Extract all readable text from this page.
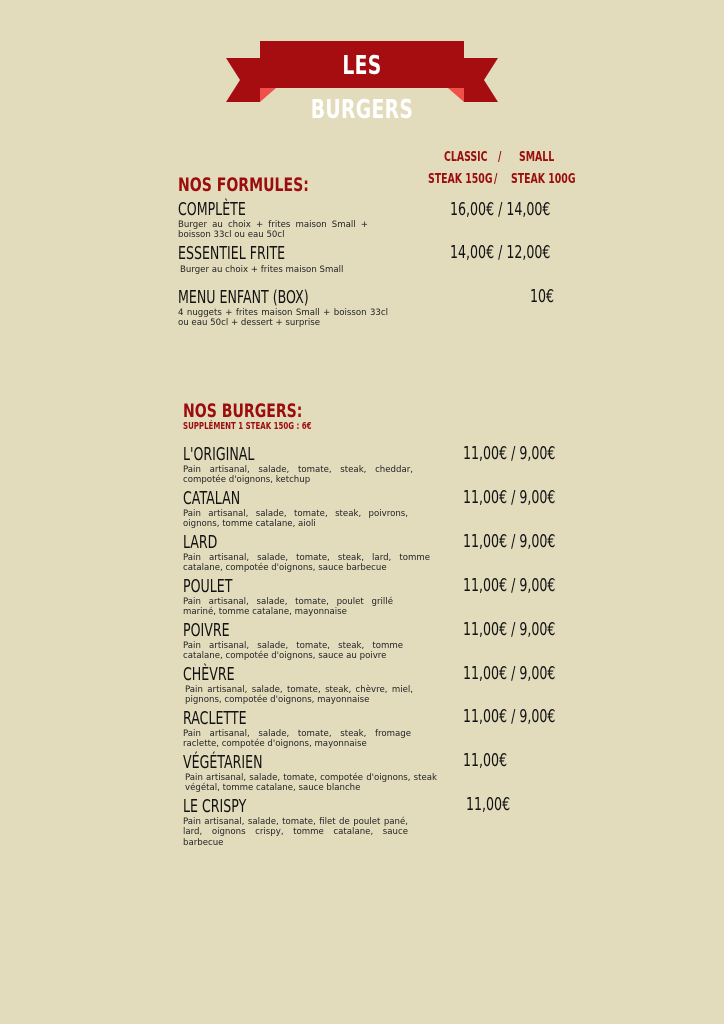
LES BURGERS
CLASSIC / SMALL
STEAK 150G / STEAK 100G
NOS FORMULES:
COMPLÈTE
Burger au choix + frites maison Small + boisson 33cl ou eau 50cl
16,00€ / 14,00€
ESSENTIEL FRITE
Burger au choix + frites maison Small
14,00€ / 12,00€
MENU ENFANT (BOX)
4 nuggets + frites maison Small + boisson 33cl ou eau 50cl + dessert + surprise
10€
NOS BURGERS:
SUPPLÉMENT 1 STEAK 150G : 6€
L'ORIGINAL
Pain artisanal, salade, tomate, steak, cheddar, compotée d'oignons, ketchup
11,00€ / 9,00€
CATALAN
Pain artisanal, salade, tomate, steak, poivrons, oignons, tomme catalane, aioli
11,00€ / 9,00€
LARD
Pain artisanal, salade, tomate, steak, lard, tomme catalane, compotée d'oignons, sauce barbecue
11,00€ / 9,00€
POULET
Pain artisanal, salade, tomate, poulet grillé mariné, tomme catalane, mayonnaise
11,00€ / 9,00€
POIVRE
Pain artisanal, salade, tomate, steak, tomme catalane, compotée d'oignons, sauce au poivre
11,00€ / 9,00€
CHÈVRE
Pain artisanal, salade, tomate, steak, chèvre, miel, pignons, compotée d'oignons, mayonnaise
11,00€ / 9,00€
RACLETTE
Pain artisanal, salade, tomate, steak, fromage raclette, compotée d'oignons, mayonnaise
11,00€ / 9,00€
VÉGÉTARIEN
Pain artisanal, salade, tomate, compotée d'oignons, steak végétal, tomme catalane, sauce blanche
11,00€
LE CRISPY
Pain artisanal, salade, tomate, filet de poulet pané, lard, oignons crispy, tomme catalane, sauce barbecue
11,00€
